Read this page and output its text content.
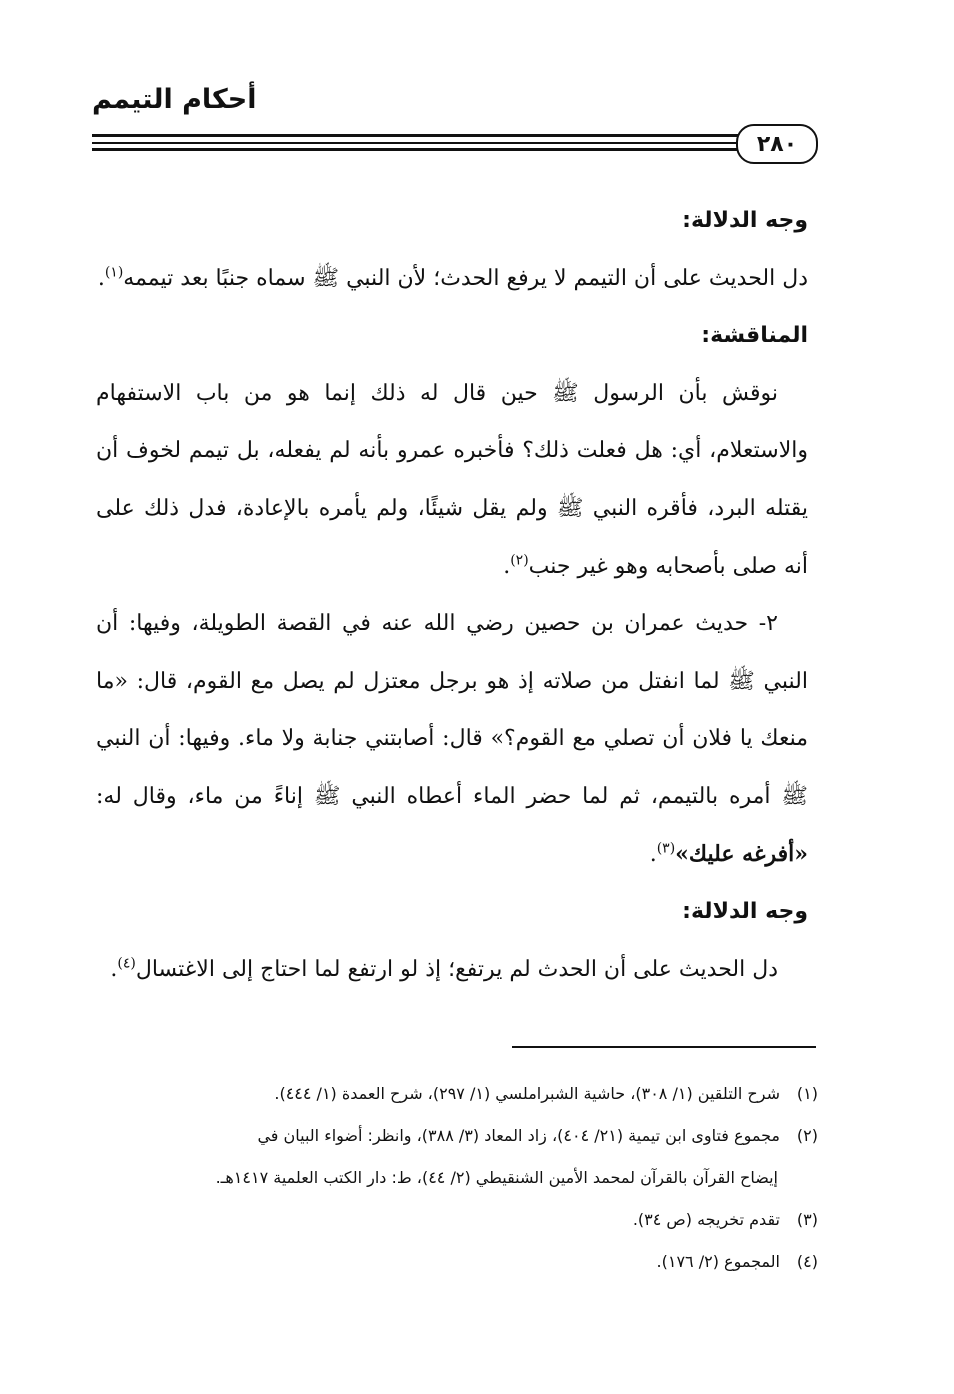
أحكام التيمم
٢٨٠

وجه الدلالة:

دل الحديث على أن التيمم لا يرفع الحدث؛ لأن النبي ﷺ سماه جنبًا بعد تيممه$^{(١)}$.

المناقشة:

نوقش بأن الرسول ﷺ حين قال له ذلك إنما هو من باب الاستفهام والاستعلام، أي: هل فعلت ذلك؟ فأخبره عمرو بأنه لم يفعله، بل تيمم لخوف أن يقتله البرد، فأقره النبي ﷺ ولم يقل شيئًا، ولم يأمره بالإعادة، فدل ذلك على أنه صلى بأصحابه وهو غير جنب$^{(٢)}$.

٢- حديث عمران بن حصين رضي الله عنه في القصة الطويلة، وفيها: أن النبي ﷺ لما انفتل من صلاته إذ هو برجل معتزل لم يصل مع القوم، قال: «ما منعك يا فلان أن تصلي مع القوم؟» قال: أصابتني جنابة ولا ماء. وفيها: أن النبي ﷺ أمره بالتيمم، ثم لما حضر الماء أعطاه النبي ﷺ إناءً من ماء، وقال له: «أفرغه عليك»$^{(٣)}$.

وجه الدلالة:

دل الحديث على أن الحدث لم يرتفع؛ إذ لو ارتفع لما احتاج إلى الاغتسال$^{(٤)}$.

(١)شرح التلقين (١/ ٣٠٨)، حاشية الشبراملسي (١/ ٢٩٧)، شرح العمدة (١/ ٤٤٤).

(٢)مجموع فتاوى ابن تيمية (٢١/ ٤٠٤)، زاد المعاد (٣/ ٣٨٨)، وانظر: أضواء البيان في

إيضاح القرآن بالقرآن لمحمد الأمين الشنقيطي (٢/ ٤٤)، ط: دار الكتب العلمية ١٤١٧هـ.

(٣)تقدم تخريجه (ص ٣٤).

(٤)المجموع (٢/ ١٧٦).
